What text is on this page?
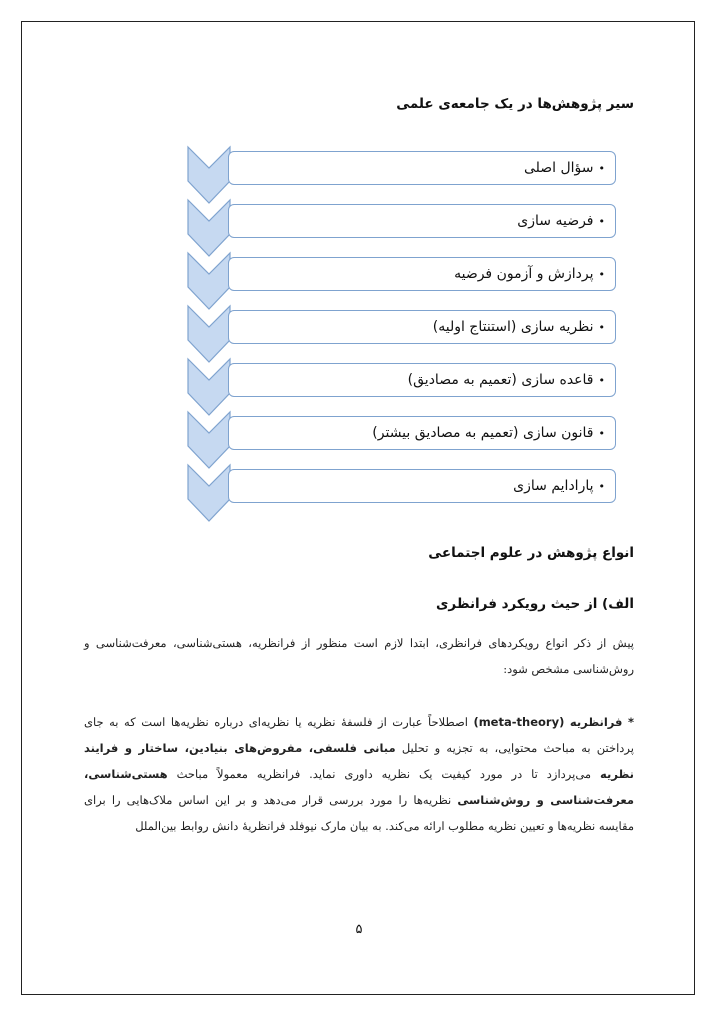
سیر پژوهش‌ها در یک جامعه‌ی علمی
•
سؤال اصلی
•
فرضیه سازی
•
پردازش و آزمون فرضیه
•
نظریه سازی (استنتاج اولیه)
•
قاعده سازی (تعمیم به مصادیق)
•
قانون سازی (تعمیم به مصادیق بیشتر)
•
پارادایم سازی
انواع پژوهش در علوم اجتماعی
الف) از حیث رویکرد فرانظری
پیش از ذکر انواع رویکردهای فرانظری، ابتدا لازم است منظور از فرانظریه، هستی‌شناسی، معرفت‌شناسی و روش‌شناسی مشخص شود:
* فرانظریه (meta-theory) اصطلاحاً عبارت از فلسفهٔ نظریه یا نظریه‌ای درباره نظریه‌ها است که به جای پرداختن به مباحث محتوایی، به تجزیه و تحلیل مبانی فلسفی، مفروض‌های بنیادین، ساختار و فرایند نظریه می‌پردازد تا در مورد کیفیت یک نظریه داوری نماید. فرانظریه معمولاً مباحث هستی‌شناسی، معرفت‌شناسی و روش‌شناسی نظریه‌ها را مورد بررسی قرار می‌دهد و بر این اساس ملاک‌هایی را برای مقایسه نظریه‌ها و تعیین نظریه مطلوب ارائه می‌کند. به بیان مارک نیوفلد فرانظریهٔ دانش روابط بین‌الملل
۵
